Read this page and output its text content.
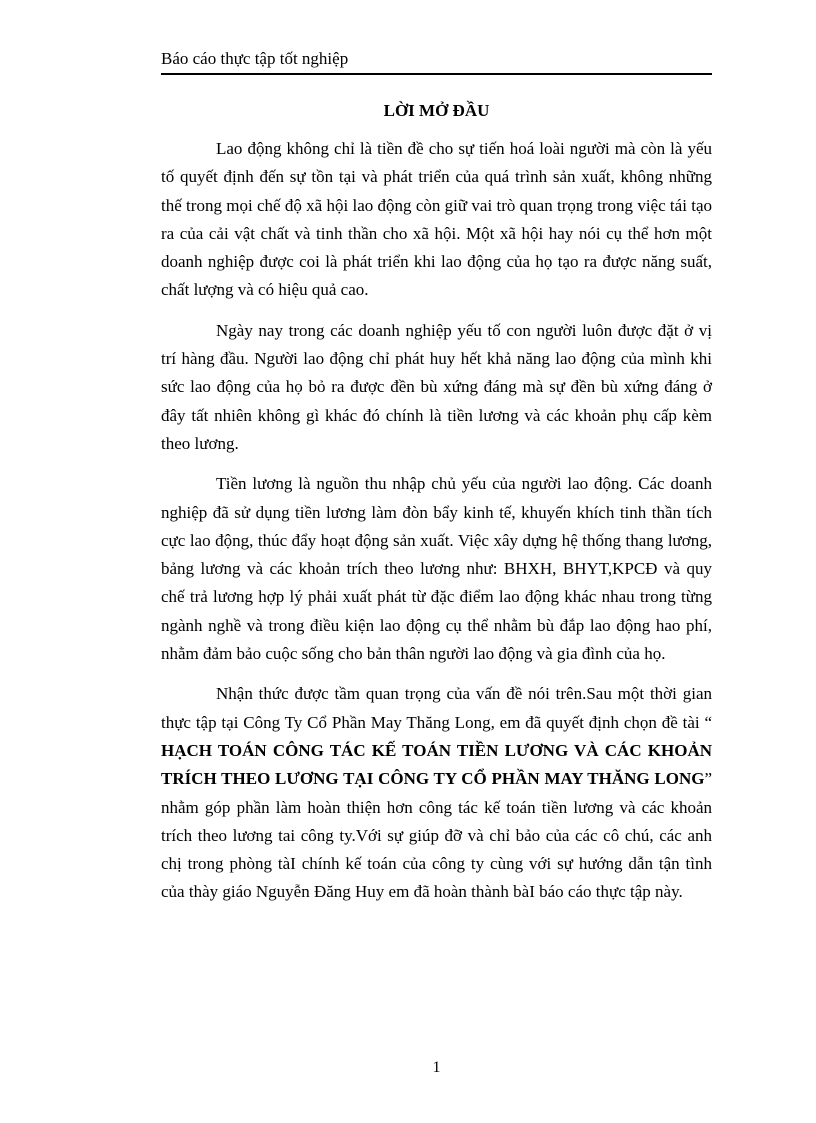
Báo cáo thực tập tốt nghiệp
LỜI MỞ ĐẦU

Lao động không chỉ là tiền đề cho sự tiến hoá loài người mà còn là yếu tố quyết định đến sự tồn tại và phát triển của quá trình sản xuất, không những thế trong mọi chế độ xã hội lao động còn giữ vai trò quan trọng trong việc tái tạo ra của cải vật chất và tinh thần cho xã hội. Một xã hội hay nói cụ thể hơn một doanh nghiệp được coi là phát triển khi lao động của họ tạo ra được năng suất, chất lượng và có hiệu quả cao.

Ngày nay trong các doanh nghiệp yếu tố con người luôn được đặt ở vị trí hàng đầu. Người lao động chỉ phát huy hết khả năng lao động của mình khi sức lao động của họ bỏ ra được đền bù xứng đáng mà sự đền bù xứng đáng ở đây tất nhiên không gì khác đó chính là tiền lương và các khoản phụ cấp kèm theo lương.

Tiền lương là nguồn thu nhập chủ yếu của người lao động. Các doanh nghiệp đã sử dụng tiền lương làm đòn bẩy kinh tế, khuyến khích tinh thần tích cực lao động, thúc đẩy hoạt động sản xuất. Việc xây dựng hệ thống thang lương, bảng lương và các khoản trích theo lương như: BHXH, BHYT,KPCĐ và quy chế trả lương hợp lý phải xuất phát từ đặc điểm lao động khác nhau trong từng ngành nghề và trong điều kiện lao động cụ thể nhằm bù đắp lao động hao phí, nhằm đảm bảo cuộc sống cho bản thân người lao động và gia đình của họ.

Nhận thức được tầm quan trọng của vấn đề nói trên.Sau một thời gian thực tập tại Công Ty Cổ Phần May Thăng Long, em đã quyết định chọn đề tài “ HẠCH TOÁN CÔNG TÁC KẾ TOÁN TIỀN LƯƠNG VÀ CÁC KHOẢN TRÍCH THEO LƯƠNG TẠI CÔNG TY CỔ PHẦN MAY THĂNG LONG” nhằm góp phần làm hoàn thiện hơn công tác kế toán tiền lương và các khoản trích theo lương tai công ty.Với sự giúp đỡ và chỉ bảo của các cô chú, các anh chị trong phòng tàI chính kế toán của công ty cùng với sự hướng dẫn tận tình của thày giáo Nguyễn Đăng Huy em đã hoàn thành bàI báo cáo thực tập này.

1
